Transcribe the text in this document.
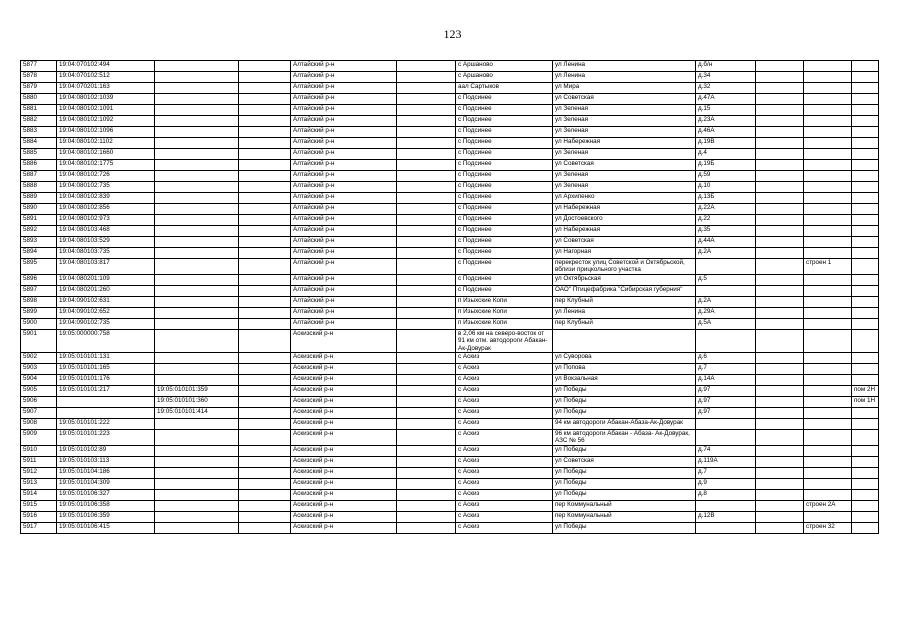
123
5877	19:04:070102:494			Алтайский р-н		с Аршаново	ул Ленина	д.б/н			
5878	19:04:070102:512			Алтайский р-н		с Аршаново	ул Ленина	д.34			
5879	19:04:070201:163			Алтайский р-н		аал Сартыков	ул Мира	д.32			
5880	19:04:080102:1039			Алтайский р-н		с Подсинее	ул Советская	д.47А			
5881	19:04:080102:1091			Алтайский р-н		с Подсинее	ул Зеленая	д.15			
5882	19:04:080102:1092			Алтайский р-н		с Подсинее	ул Зеленая	д.23А			
5883	19:04:080102:1096			Алтайский р-н		с Подсинее	ул Зеленая	д.46А			
5884	19:04:080102:1102			Алтайский р-н		с Подсинее	ул Набережная	д.19В			
5885	19:04:080102:1660			Алтайский р-н		с Подсинее	ул Зеленая	д.4			
5886	19:04:080102:1775			Алтайский р-н		с Подсинее	ул Советская	д.19Б			
5887	19:04:080102:726			Алтайский р-н		с Подсинее	ул Зеленая	д.59			
5888	19:04:080102:735			Алтайский р-н		с Подсинее	ул Зеленая	д.10			
5889	19:04:080102:839			Алтайский р-н		с Подсинее	ул Архипенко	д.13Б			
5890	19:04:080102:856			Алтайский р-н		с Подсинее	ул Набережная	д.22А			
5891	19:04:080102:973			Алтайский р-н		с Подсинее	ул Достоевского	д.22			
5892	19:04:080103:468			Алтайский р-н		с Подсинее	ул Набережная	д.35			
5893	19:04:080103:529			Алтайский р-н		с Подсинее	ул Советская	д.44А			
5894	19:04:080103:735			Алтайский р-н		с Подсинее	ул Нагорная	д.2А			
5895	19:04:080103:817			Алтайский р-н		с Подсинее	перекресток улиц Советской и Октябрьской, вблизи прицкольного участка			строен 1	
5896	19:04:080201:109			Алтайский р-н		с Подсинее	ул Октябрьская	д.5			
5897	19:04:080201:260			Алтайский р-н		с Подсинее	ОАО" Птицефабрика "Сибирская губерния"				
5898	19:04:090102:631			Алтайский р-н		п Изыхские Копи	пер Клубный	д.2А			
5899	19:04:090102:652			Алтайский р-н		п Изыхские Копи	ул Ленина	д.29А			
5900	19:04:090102:735			Алтайский р-н		п Изыхские Копи	пер Клубный	д.5А			
5901	19:05:000000:758			Аскизский р-н		в 2,06 км на северо-восток от 91 км отм. автодороги Абакан-Ак-Довурак					
5902	19:05:010101:131			Аскизский р-н		с Аскиз	ул Суворова	д.6			
5903	19:05:010101:165			Аскизский р-н		с Аскиз	ул Попова	д.7			
5904	19:05:010101:176			Аскизский р-н		с Аскиз	ул Вокзальная	д.14А			
5905	19:05:010101:217	19:05:010101:359		Аскизский р-н		с Аскиз	ул Победы	д.97			пом 2Н
5906		19:05:010101:360		Аскизский р-н		с Аскиз	ул Победы	д.97			пом 1Н
5907		19:05:010101:414		Аскизский р-н		с Аскиз	ул Победы	д.97			
5908	19:05:010101:222			Аскизский р-н		с Аскиз	94 км автодороги Абакан-Абаза-Ак-Довурак				
5909	19:05:010101:223			Аскизский р-н		с Аскиз	96 км автодороги Абакан - Абаза- Ак-Довурак, АЗС № 56				
5910	19:05:010102:89			Аскизский р-н		с Аскиз	ул Победы	д.74			
5911	19:05:010103:113			Аскизский р-н		с Аскиз	ул Советская	д.119А			
5912	19:05:010104:186			Аскизский р-н		с Аскиз	ул Победы	д.7			
5913	19:05:010104:309			Аскизский р-н		с Аскиз	ул Победы	д.9			
5914	19:05:010106:327			Аскизский р-н		с Аскиз	ул Победы	д.8			
5915	19:05:010106:358			Аскизский р-н		с Аскиз	пер Коммунальный			строен 2А	
5916	19:05:010106:359			Аскизский р-н		с Аскиз	пер Коммунальный	д.12В			
5917	19:05:010106:415			Аскизский р-н		с Аскиз	ул Победы			строен 32	
